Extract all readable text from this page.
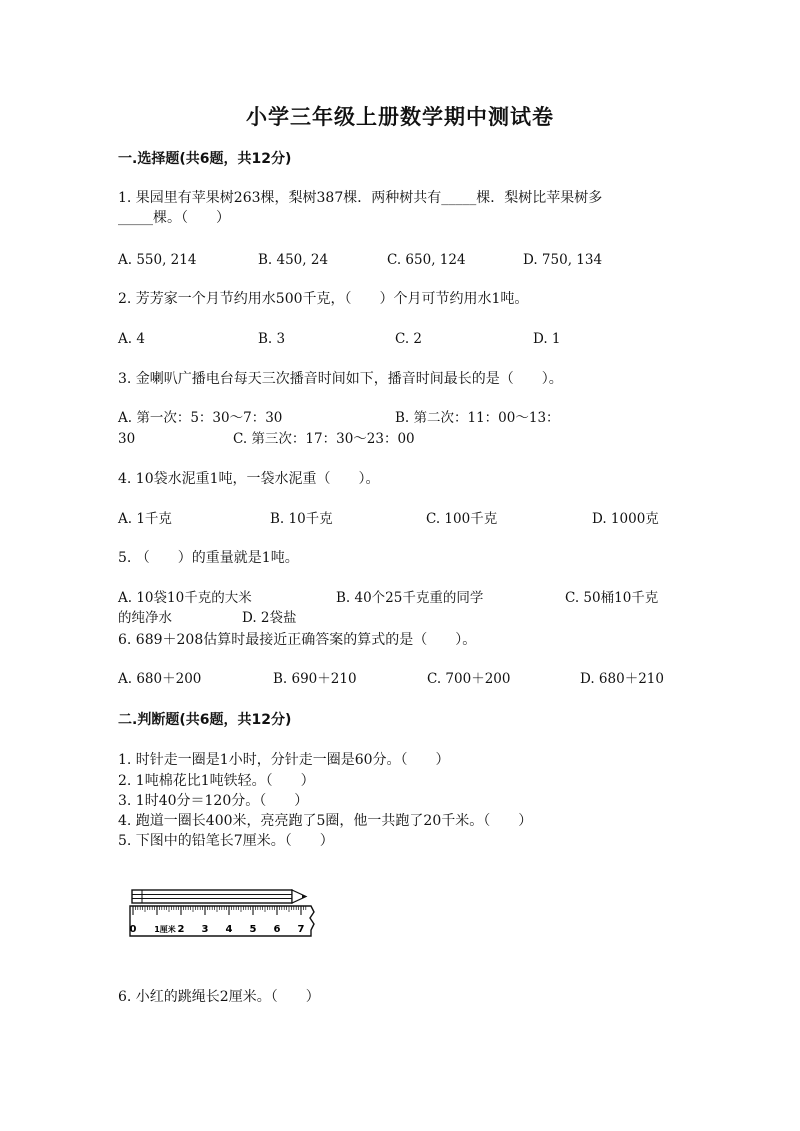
小学三年级上册数学期中测试卷
一.选择题(共6题，共12分)
1. 果园里有苹果树263棵，梨树387棵．两种树共有_____棵．梨树比苹果树多
_____棵。（　　）
A. 550, 214	B. 450, 24	C. 650, 124	D. 750, 134
2. 芳芳家一个月节约用水500千克，（　　）个月可节约用水1吨。
A. 4	B. 3	C. 2	D. 1
3. 金喇叭广播电台每天三次播音时间如下，播音时间最长的是（　　）。
A. 第一次：5：30～7：30	B. 第二次：11：00～13：
30	C. 第三次：17：30～23：00
4. 10袋水泥重1吨，一袋水泥重（　　）。
A. 1千克	B. 10千克	C. 100千克	D. 1000克
5. （　　）的重量就是1吨。
A. 10袋10千克的大米	B. 40个25千克重的同学	C. 50桶10千克
的纯净水	D. 2袋盐
6. 689＋208估算时最接近正确答案的算式的是（　　）。
A. 680＋200	B. 690＋210	C. 700＋200	D. 680＋210
二.判断题(共6题，共12分)
1. 时针走一圈是1小时，分针走一圈是60分。（　　）
2. 1吨棉花比1吨铁轻。（　　）
3. 1时40分＝120分。（　　）
4. 跑道一圈长400米，亮亮跑了5圈，他一共跑了20千米。（　　）
5. 下图中的铅笔长7厘米。（　　）
0 1厘米 2 3 4 5 6 7
6. 小红的跳绳长2厘米。（　　）
